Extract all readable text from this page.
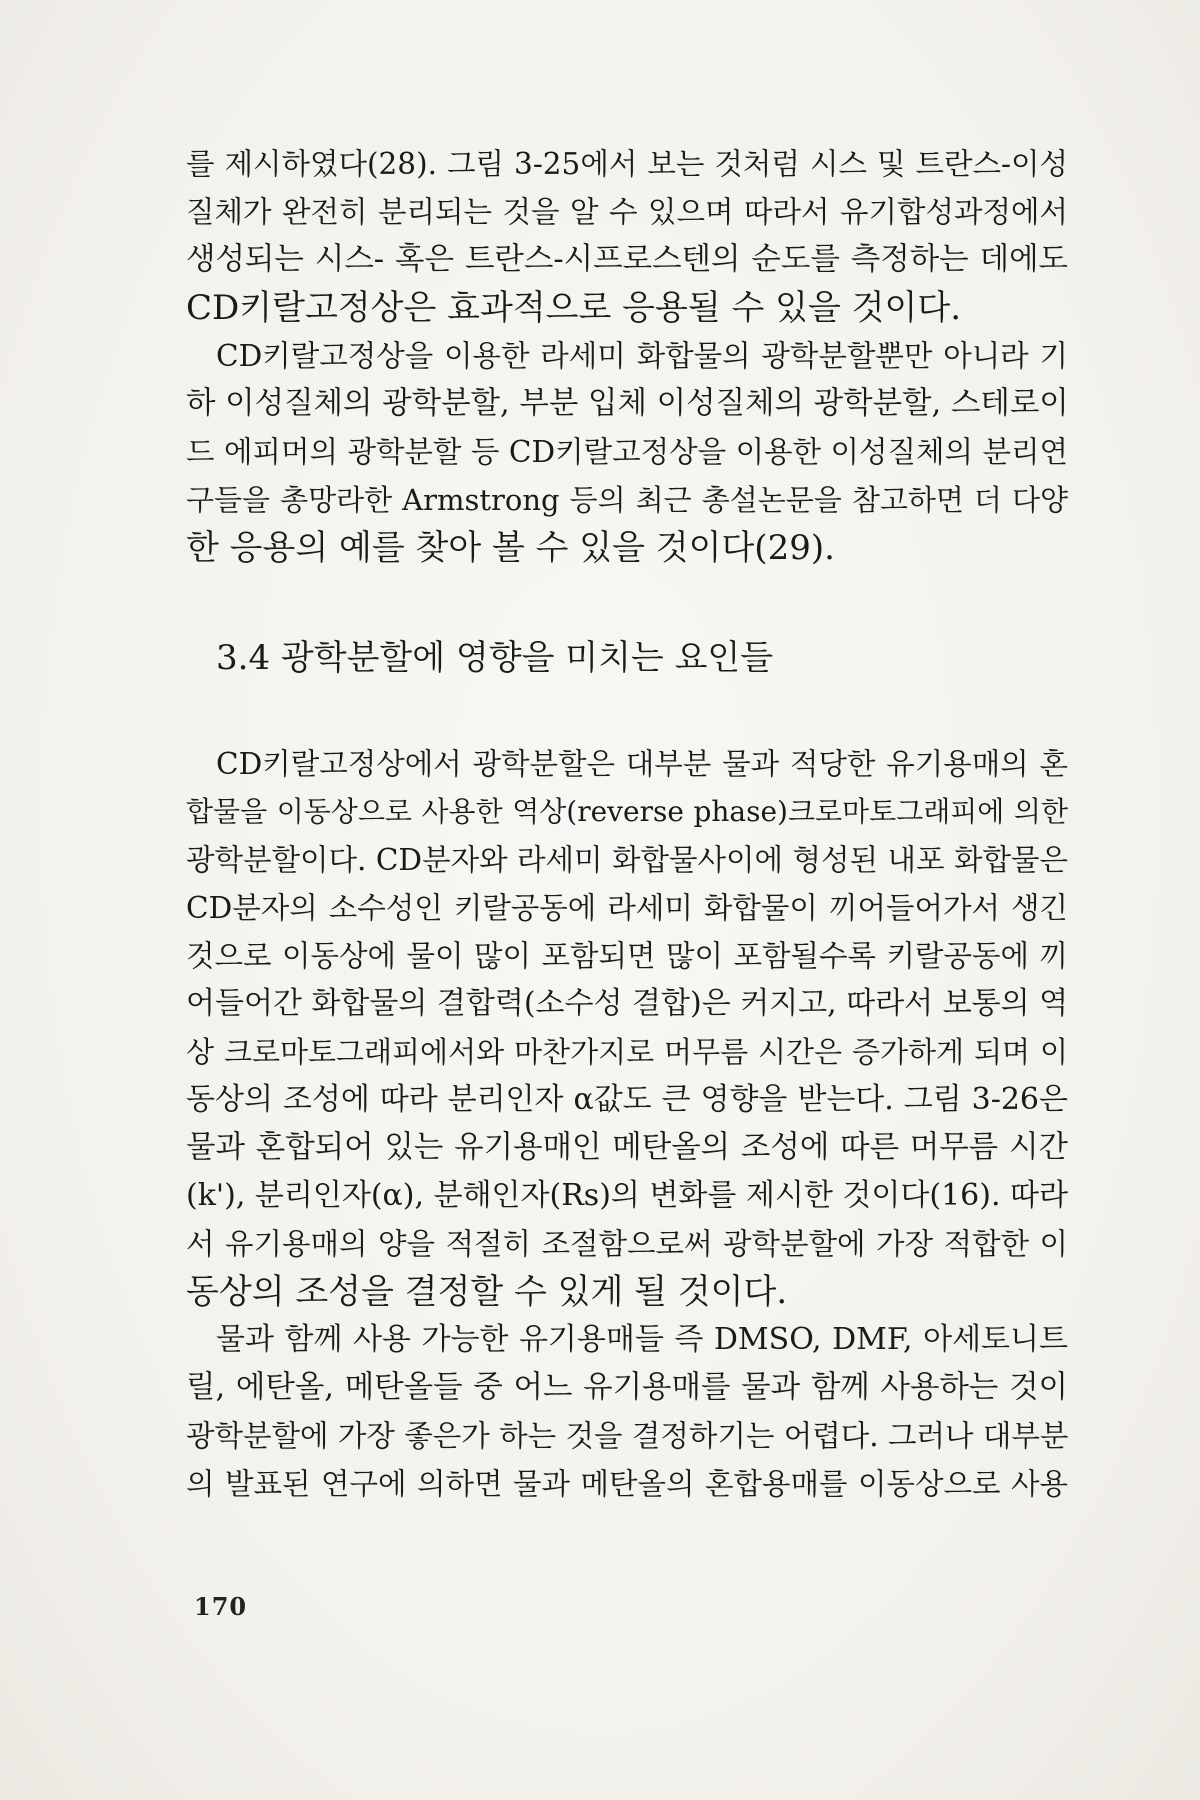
를 제시하였다(28). 그림 3-25에서 보는 것처럼 시스 및 트란스-이성
질체가 완전히 분리되는 것을 알 수 있으며 따라서 유기합성과정에서
생성되는 시스- 혹은 트란스-시프로스텐의 순도를 측정하는 데에도
CD키랄고정상은 효과적으로 응용될 수 있을 것이다.
CD키랄고정상을 이용한 라세미 화합물의 광학분할뿐만 아니라 기
하 이성질체의 광학분할, 부분 입체 이성질체의 광학분할, 스테로이
드 에피머의 광학분할 등 CD키랄고정상을 이용한 이성질체의 분리연
구들을 총망라한 Armstrong 등의 최근 총설논문을 참고하면 더 다양
한 응용의 예를 찾아 볼 수 있을 것이다(29).
3.4 광학분할에 영향을 미치는 요인들
CD키랄고정상에서 광학분할은 대부분 물과 적당한 유기용매의 혼
합물을 이동상으로 사용한 역상(reverse phase)크로마토그래피에 의한
광학분할이다. CD분자와 라세미 화합물사이에 형성된 내포 화합물은
CD분자의 소수성인 키랄공동에 라세미 화합물이 끼어들어가서 생긴
것으로 이동상에 물이 많이 포함되면 많이 포함될수록 키랄공동에 끼
어들어간 화합물의 결합력(소수성 결합)은 커지고, 따라서 보통의 역
상 크로마토그래피에서와 마찬가지로 머무름 시간은 증가하게 되며 이
동상의 조성에 따라 분리인자 α값도 큰 영향을 받는다. 그림 3-26은
물과 혼합되어 있는 유기용매인 메탄올의 조성에 따른 머무름 시간
(k'), 분리인자(α), 분해인자(Rs)의 변화를 제시한 것이다(16). 따라
서 유기용매의 양을 적절히 조절함으로써 광학분할에 가장 적합한 이
동상의 조성을 결정할 수 있게 될 것이다.
물과 함께 사용 가능한 유기용매들 즉 DMSO, DMF, 아세토니트
릴, 에탄올, 메탄올들 중 어느 유기용매를 물과 함께 사용하는 것이
광학분할에 가장 좋은가 하는 것을 결정하기는 어렵다. 그러나 대부분
의 발표된 연구에 의하면 물과 메탄올의 혼합용매를 이동상으로 사용
170
